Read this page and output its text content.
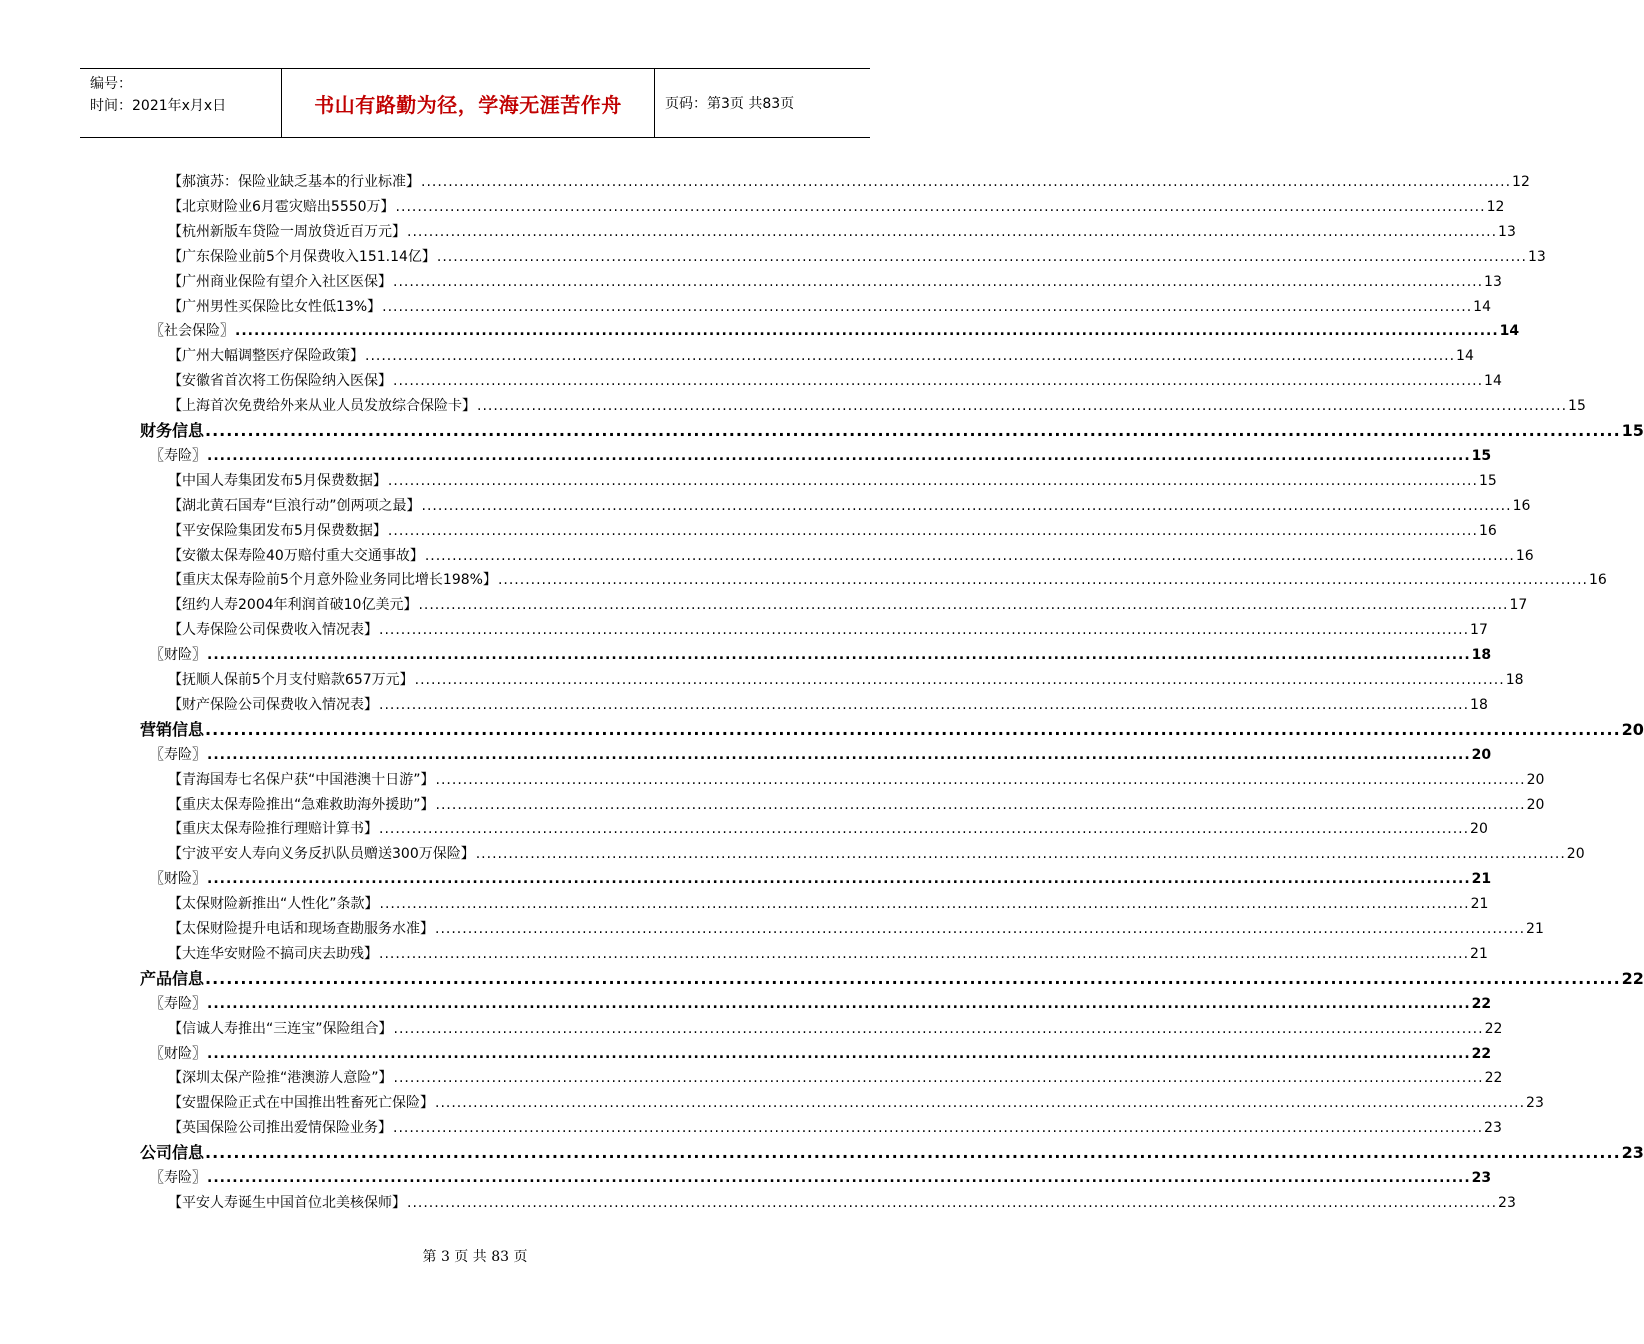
编号：
时间：2021年x月x日	书山有路勤为径，学海无涯苦作舟	页码：第3页 共83页
【郝演苏：保险业缺乏基本的行业标准】 ........................................................................................................................................................................................................ 12
【北京财险业6月雹灾赔出5550万】 ........................................................................................................................................................................................................ 12
【杭州新版车贷险一周放贷近百万元】 ........................................................................................................................................................................................................ 13
【广东保险业前5个月保费收入151.14亿】 ........................................................................................................................................................................................................ 13
【广州商业保险有望介入社区医保】 ........................................................................................................................................................................................................ 13
【广州男性买保险比女性低13%】 ........................................................................................................................................................................................................ 14
〖社会保险〗 ........................................................................................................................................................................................................ 14
【广州大幅调整医疗保险政策】 ........................................................................................................................................................................................................ 14
【安徽省首次将工伤保险纳入医保】 ........................................................................................................................................................................................................ 14
【上海首次免费给外来从业人员发放综合保险卡】 ........................................................................................................................................................................................................ 15
财务信息 ........................................................................................................................................................................................................ 15
〖寿险〗 ........................................................................................................................................................................................................ 15
【中国人寿集团发布5月保费数据】 ........................................................................................................................................................................................................ 15
【湖北黄石国寿“巨浪行动”创两项之最】 ........................................................................................................................................................................................................ 16
【平安保险集团发布5月保费数据】 ........................................................................................................................................................................................................ 16
【安徽太保寿险40万赔付重大交通事故】 ........................................................................................................................................................................................................ 16
【重庆太保寿险前5个月意外险业务同比增长198%】 ........................................................................................................................................................................................................ 16
【纽约人寿2004年利润首破10亿美元】 ........................................................................................................................................................................................................ 17
【人寿保险公司保费收入情况表】 ........................................................................................................................................................................................................ 17
〖财险〗 ........................................................................................................................................................................................................ 18
【抚顺人保前5个月支付赔款657万元】 ........................................................................................................................................................................................................ 18
【财产保险公司保费收入情况表】 ........................................................................................................................................................................................................ 18
营销信息 ........................................................................................................................................................................................................ 20
〖寿险〗 ........................................................................................................................................................................................................ 20
【青海国寿七名保户获“中国港澳十日游”】 ........................................................................................................................................................................................................ 20
【重庆太保寿险推出“急难救助海外援助”】 ........................................................................................................................................................................................................ 20
【重庆太保寿险推行理赔计算书】 ........................................................................................................................................................................................................ 20
【宁波平安人寿向义务反扒队员赠送300万保险】 ........................................................................................................................................................................................................ 20
〖财险〗 ........................................................................................................................................................................................................ 21
【太保财险新推出“人性化”条款】 ........................................................................................................................................................................................................ 21
【太保财险提升电话和现场查勘服务水准】 ........................................................................................................................................................................................................ 21
【大连华安财险不搞司庆去助残】 ........................................................................................................................................................................................................ 21
产品信息 ........................................................................................................................................................................................................ 22
〖寿险〗 ........................................................................................................................................................................................................ 22
【信诚人寿推出“三连宝”保险组合】 ........................................................................................................................................................................................................ 22
〖财险〗 ........................................................................................................................................................................................................ 22
【深圳太保产险推“港澳游人意险”】 ........................................................................................................................................................................................................ 22
【安盟保险正式在中国推出牲畜死亡保险】 ........................................................................................................................................................................................................ 23
【英国保险公司推出爱情保险业务】 ........................................................................................................................................................................................................ 23
公司信息 ........................................................................................................................................................................................................ 23
〖寿险〗 ........................................................................................................................................................................................................ 23
【平安人寿诞生中国首位北美核保师】 ........................................................................................................................................................................................................ 23
第 3 页 共 83 页
